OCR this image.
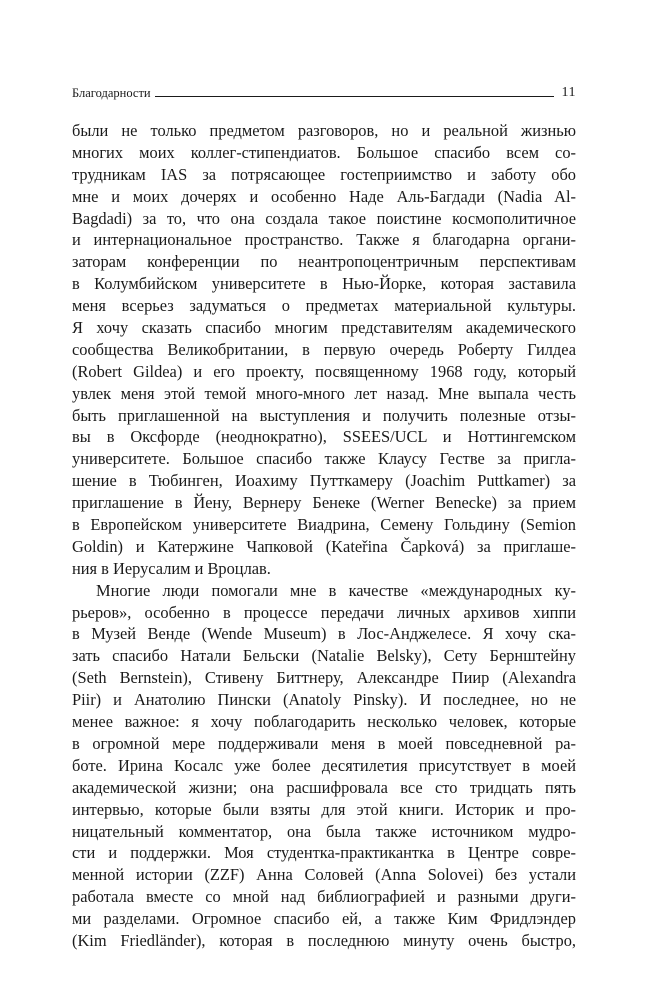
Благодарности	11
были не только предметом разговоров, но и реальной жизнью
многих моих коллег-стипендиатов. Большое спасибо всем со-
трудникам IAS за потрясающее гостеприимство и заботу обо
мне и моих дочерях и особенно Наде Аль-Багдади (Nadia Al-
Bagdadi) за то, что она создала такое поистине космополитичное
и интернациональное пространство. Также я благодарна органи-
заторам конференции по неантропоцентричным перспективам
в Колумбийском университете в Нью-Йорке, которая заставила
меня всерьез задуматься о предметах материальной культуры.
Я хочу сказать спасибо многим представителям академического
сообщества Великобритании, в первую очередь Роберту Гилдеа
(Robert Gildea) и его проекту, посвященному 1968 году, который
увлек меня этой темой много-много лет назад. Мне выпала честь
быть приглашенной на выступления и получить полезные отзы-
вы в Оксфорде (неоднократно), SSEES/UCL и Ноттингемском
университете. Большое спасибо также Клаусу Гестве за пригла-
шение в Тюбинген, Иоахиму Путткамеру (Joachim Puttkamer) за
приглашение в Йену, Вернеру Бенеке (Werner Benecke) за прием
в Европейском университете Виадрина, Семену Гольдину (Semion
Goldin) и Катержине Чапковой (Kateřina Čapková) за приглаше-
ния в Иерусалим и Вроцлав.
Многие люди помогали мне в качестве «международных ку-
рьеров», особенно в процессе передачи личных архивов хиппи
в Музей Венде (Wende Museum) в Лос-Анджелесе. Я хочу ска-
зать спасибо Натали Бельски (Natalie Belsky), Сету Бернштейну
(Seth Bernstein), Стивену Биттнеру, Александре Пиир (Alexandra
Piir) и Анатолию Пински (Anatoly Pinsky). И последнее, но не
менее важное: я хочу поблагодарить несколько человек, которые
в огромной мере поддерживали меня в моей повседневной ра-
боте. Ирина Косалс уже более десятилетия присутствует в моей
академической жизни; она расшифровала все сто тридцать пять
интервью, которые были взяты для этой книги. Историк и про-
ницательный комментатор, она была также источником мудро-
сти и поддержки. Моя студентка-практикантка в Центре совре-
менной истории (ZZF) Анна Соловей (Anna Solovei) без устали
работала вместе со мной над библиографией и разными други-
ми разделами. Огромное спасибо ей, а также Ким Фридлэндер
(Kim Friedländer), которая в последнюю минуту очень быстро,
